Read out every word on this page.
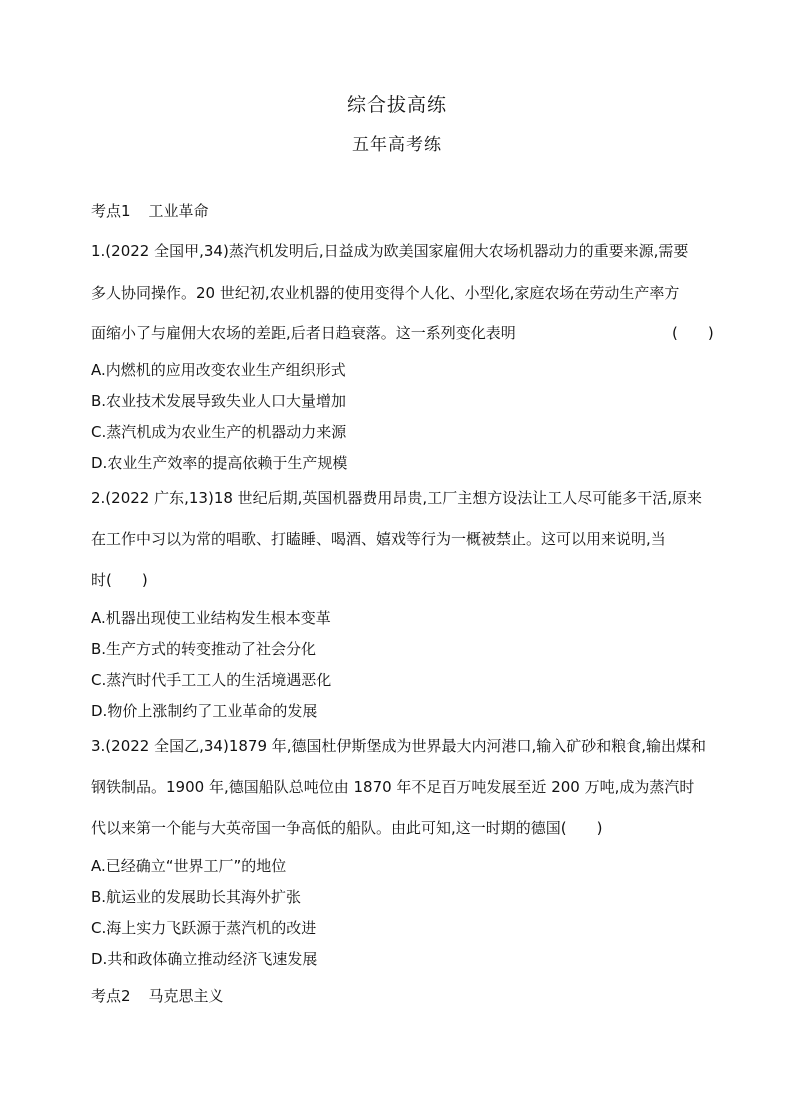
综合拔高练
五年高考练
考点1 工业革命
1.(2022 全国甲,34)蒸汽机发明后,日益成为欧美国家雇佣大农场机器动力的重要来源,需要
多人协同操作。20 世纪初,农业机器的使用变得个人化、小型化,家庭农场在劳动生产率方
面缩小了与雇佣大农场的差距,后者日趋衰落。这一系列变化表明	(　　)
A.内燃机的应用改变农业生产组织形式
B.农业技术发展导致失业人口大量增加
C.蒸汽机成为农业生产的机器动力来源
D.农业生产效率的提高依赖于生产规模
2.(2022 广东,13)18 世纪后期,英国机器费用昂贵,工厂主想方设法让工人尽可能多干活,原来
在工作中习以为常的唱歌、打瞌睡、喝酒、嬉戏等行为一概被禁止。这可以用来说明,当
时(　　)
A.机器出现使工业结构发生根本变革
B.生产方式的转变推动了社会分化
C.蒸汽时代手工工人的生活境遇恶化
D.物价上涨制约了工业革命的发展
3.(2022 全国乙,34)1879 年,德国杜伊斯堡成为世界最大内河港口,输入矿砂和粮食,输出煤和
钢铁制品。1900 年,德国船队总吨位由 1870 年不足百万吨发展至近 200 万吨,成为蒸汽时
代以来第一个能与大英帝国一争高低的船队。由此可知,这一时期的德国(　　)
A.已经确立“世界工厂”的地位
B.航运业的发展助长其海外扩张
C.海上实力飞跃源于蒸汽机的改进
D.共和政体确立推动经济飞速发展
考点2 马克思主义
